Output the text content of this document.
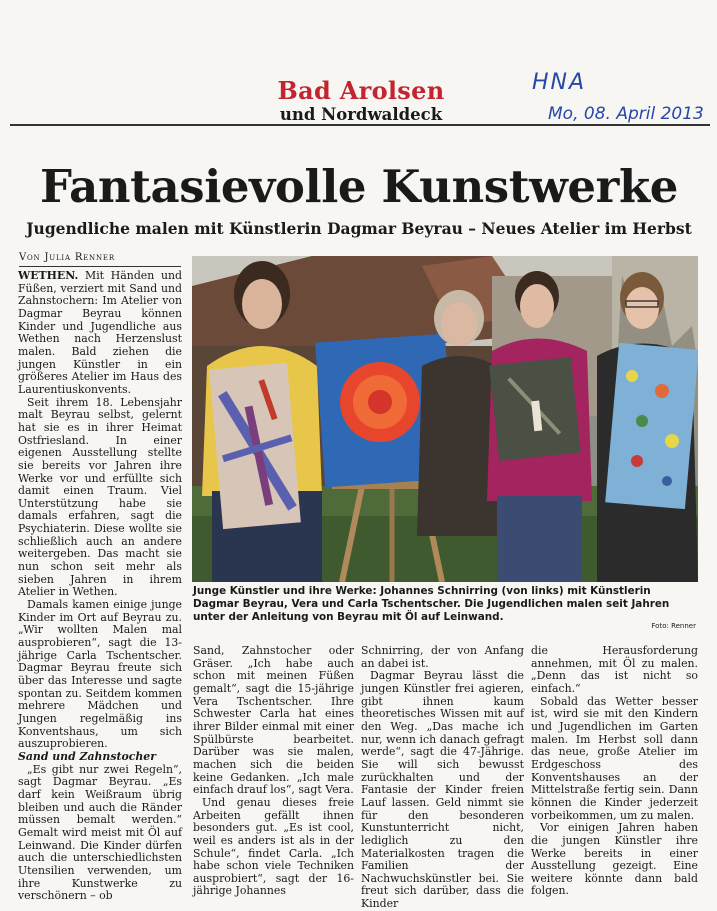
Bad Arolsen
und Nordwaldeck
HNA
Mo, 08. April 2013
Fantasievolle Kunstwerke
Jugendliche malen mit Künstlerin Dagmar Beyrau – Neues Atelier im Herbst
Von Julia Renner

WETHEN. Mit Händen und Füßen, verziert mit Sand und Zahnstochern: Im Atelier von Dagmar Beyrau können Kinder und Jugendliche aus Wethen nach Herzenslust malen. Bald ziehen die jungen Künstler in ein größeres Atelier im Haus des Laurentiuskonvents.

Seit ihrem 18. Lebensjahr malt Beyrau selbst, gelernt hat sie es in ihrer Heimat Ostfriesland. In einer eigenen Ausstellung stellte sie bereits vor Jahren ihre Werke vor und erfüllte sich damit einen Traum. Viel Unterstützung habe sie damals erfahren, sagt die Psychiaterin. Diese wollte sie schließlich auch an andere weitergeben. Das macht sie nun schon seit mehr als sieben Jahren in ihrem Atelier in Wethen.

Damals kamen einige junge Kinder im Ort auf Beyrau zu. „Wir wollten Malen mal ausprobieren“, sagt die 13-jährige Carla Tschentscher. Dagmar Beyrau freute sich über das Interesse und sagte spontan zu. Seitdem kommen mehrere Mädchen und Jungen regelmäßig ins Konventshaus, um sich auszuprobieren.

Sand und Zahnstocher

„Es gibt nur zwei Regeln“, sagt Dagmar Beyrau. „Es darf kein Weißraum übrig bleiben und auch die Ränder müssen bemalt werden.“ Gemalt wird meist mit Öl auf Leinwand. Die Kinder dürfen auch die unterschiedlichsten Utensilien verwenden, um ihre Kunstwerke zu verschönern – ob

Junge Künstler und ihre Werke: Johannes Schnirring (von links) mit Künstlerin Dagmar Beyrau, Vera und Carla Tschentscher. Die Jugendlichen malen seit Jahren unter der Anleitung von Beyrau mit Öl auf Leinwand.
Foto: Renner

Sand, Zahnstocher oder Gräser. „Ich habe auch schon mit meinen Füßen gemalt“, sagt die 15-jährige Vera Tschentscher. Ihre Schwester Carla hat eines ihrer Bilder einmal mit einer Spülbürste bearbeitet. Darüber was sie malen, machen sich die beiden keine Gedanken. „Ich male einfach drauf los“, sagt Vera.

Und genau dieses freie Arbeiten gefällt ihnen besonders gut. „Es ist cool, weil es anders ist als in der Schule“, findet Carla. „Ich habe schon viele Techniken ausprobiert“, sagt der 16-jährige Johannes

Schnirring, der von Anfang an dabei ist.

Dagmar Beyrau lässt die jungen Künstler frei agieren, gibt ihnen kaum theoretisches Wissen mit auf den Weg. „Das mache ich nur, wenn ich danach gefragt werde“, sagt die 47-Jährige. Sie will sich bewusst zurückhalten und der Fantasie der Kinder freien Lauf lassen. Geld nimmt sie für den besonderen Kunstunterricht nicht, lediglich zu den Materialkosten tragen die Familien der Nachwuchskünstler bei. Sie freut sich darüber, dass die Kinder

die Herausforderung annehmen, mit Öl zu malen. „Denn das ist nicht so einfach.“

Sobald das Wetter besser ist, wird sie mit den Kindern und Jugendlichen im Garten malen. Im Herbst soll dann das neue, große Atelier im Erdgeschoss des Konventshauses an der Mittelstraße fertig sein. Dann können die Kinder jederzeit vorbeikommen, um zu malen.

Vor einigen Jahren haben die jungen Künstler ihre Werke bereits in einer Ausstellung gezeigt. Eine weitere könnte dann bald folgen.
